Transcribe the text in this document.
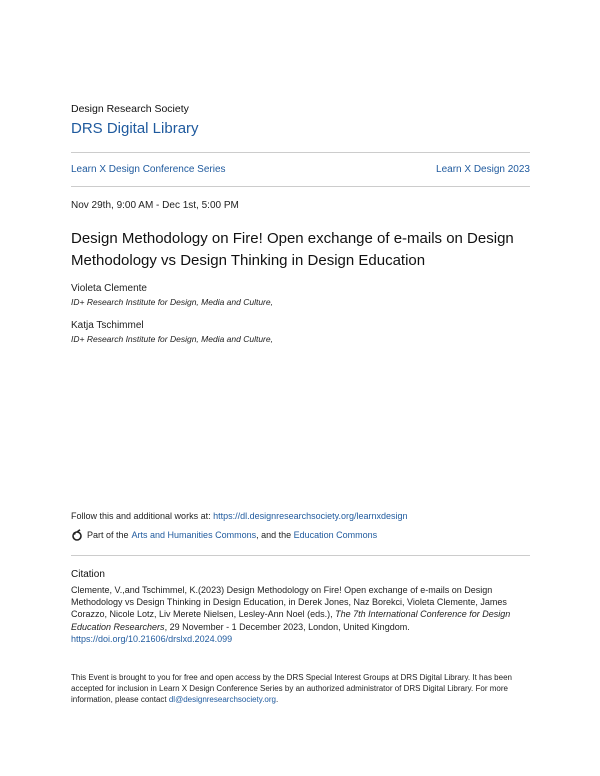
Design Research Society
DRS Digital Library
Learn X Design Conference Series	Learn X Design 2023
Nov 29th, 9:00 AM - Dec 1st, 5:00 PM
Design Methodology on Fire! Open exchange of e-mails on Design Methodology vs Design Thinking in Design Education
Violeta Clemente
ID+ Research Institute for Design, Media and Culture,
Katja Tschimmel
ID+ Research Institute for Design, Media and Culture,
Follow this and additional works at: https://dl.designresearchsociety.org/learnxdesign
Part of the Arts and Humanities Commons , and the Education Commons
Citation
Clemente, V.,and Tschimmel, K.(2023) Design Methodology on Fire! Open exchange of e-mails on Design Methodology vs Design Thinking in Design Education, in Derek Jones, Naz Borekci, Violeta Clemente, James Corazzo, Nicole Lotz, Liv Merete Nielsen, Lesley-Ann Noel (eds.), The 7th International Conference for Design Education Researchers, 29 November - 1 December 2023, London, United Kingdom.
https://doi.org/10.21606/drslxd.2024.099
This Event is brought to you for free and open access by the DRS Special Interest Groups at DRS Digital Library. It has been accepted for inclusion in Learn X Design Conference Series by an authorized administrator of DRS Digital Library. For more information, please contact dl@designresearchsociety.org.
